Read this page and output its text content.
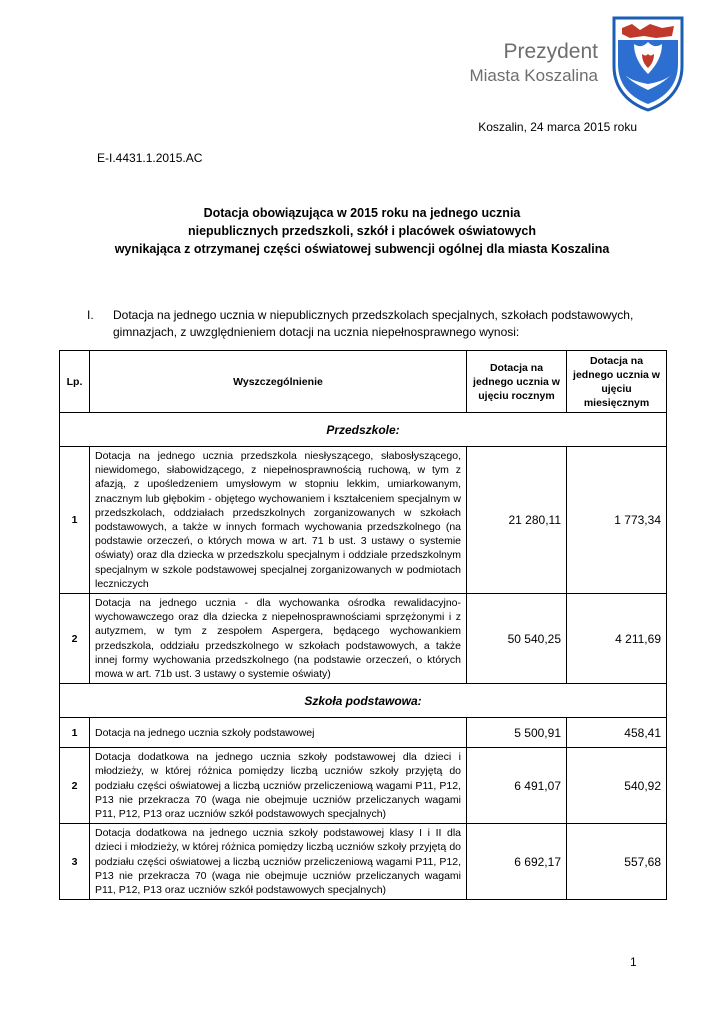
Prezydent
Miasta Koszalina
Koszalin, 24 marca 2015 roku
E-I.4431.1.2015.AC
Dotacja obowiązująca w 2015 roku na jednego ucznia
niepublicznych przedszkoli, szkół i placówek oświatowych
wynikająca z otrzymanej części oświatowej subwencji ogólnej dla miasta Koszalina
I. Dotacja na jednego ucznia w niepublicznych przedszkolach specjalnych, szkołach podstawowych, gimnazjach, z uwzględnieniem dotacji na ucznia niepełnosprawnego wynosi:
Lp.	Wyszczególnienie	Dotacja na jednego ucznia w ujęciu rocznym	Dotacja na jednego ucznia w ujęciu miesięcznym
Przedszkole:			
1	Dotacja na jednego ucznia przedszkola niesłyszącego, słabosłyszącego, niewidomego, słabowidzącego, z niepełnosprawnością ruchową, w tym z afazją, z upośledzeniem umysłowym w stopniu lekkim, umiarkowanym, znacznym lub głębokim - objętego wychowaniem i kształceniem specjalnym w przedszkolach, oddziałach przedszkolnych zorganizowanych w szkołach podstawowych, a także w innych formach wychowania przedszkolnego (na podstawie orzeczeń, o których mowa w art. 71 b ust. 3 ustawy o systemie oświaty) oraz dla dziecka w przedszkolu specjalnym i oddziale przedszkolnym specjalnym w szkole podstawowej specjalnej zorganizowanych w podmiotach leczniczych	21 280,11	1 773,34
2	Dotacja na jednego ucznia - dla wychowanka ośrodka rewalidacyjno-wychowawczego oraz dla dziecka z niepełnosprawnościami sprzężonymi i z autyzmem, w tym z zespołem Aspergera, będącego wychowankiem przedszkola, oddziału przedszkolnego w szkołach podstawowych, a także innej formy wychowania przedszkolnego (na podstawie orzeczeń, o których mowa w art. 71b ust. 3 ustawy o systemie oświaty)	50 540,25	4 211,69
Szkoła podstawowa:			
1	Dotacja na jednego ucznia szkoły podstawowej	5 500,91	458,41
2	Dotacja dodatkowa na jednego ucznia szkoły podstawowej dla dzieci i młodzieży, w której różnica pomiędzy liczbą uczniów szkoły przyjętą do podziału części oświatowej a liczbą uczniów przeliczeniową wagami P11, P12, P13 nie przekracza 70 (waga nie obejmuje uczniów przeliczanych wagami P11, P12, P13 oraz uczniów szkół podstawowych specjalnych)	6 491,07	540,92
3	Dotacja dodatkowa na jednego ucznia szkoły podstawowej klasy I i II dla dzieci i młodzieży, w której różnica pomiędzy liczbą uczniów szkoły przyjętą do podziału części oświatowej a liczbą uczniów przeliczeniową wagami P11, P12, P13 nie przekracza 70 (waga nie obejmuje uczniów przeliczanych wagami P11, P12, P13 oraz uczniów szkół podstawowych specjalnych)	6 692,17	557,68
1
